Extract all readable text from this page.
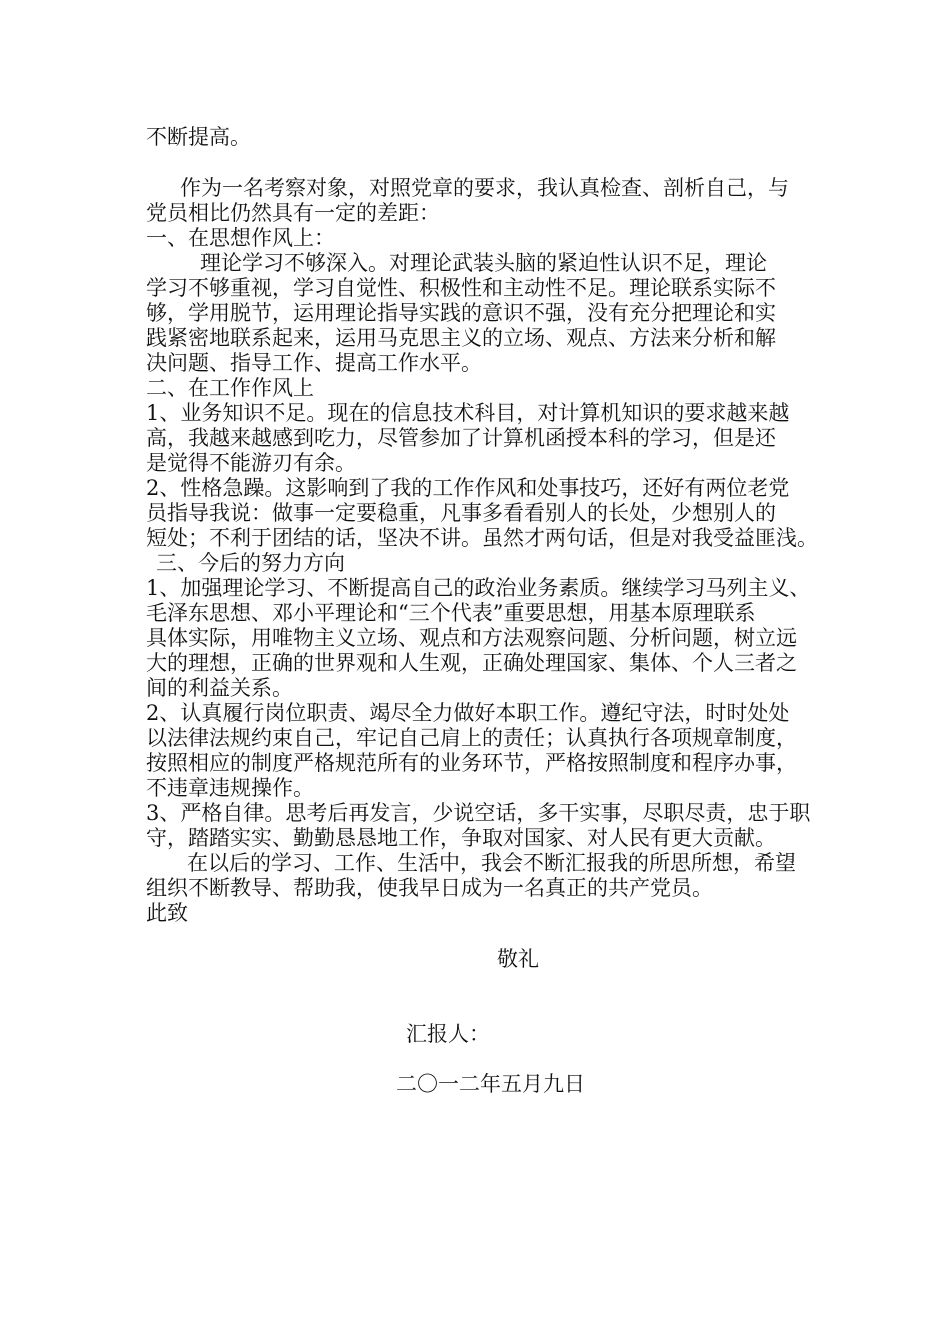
不断提高。
作为一名考察对象，对照党章的要求，我认真检查、剖析自己，与
党员相比仍然具有一定的差距：
一、在思想作风上：
理论学习不够深入。对理论武装头脑的紧迫性认识不足，理论
学习不够重视，学习自觉性、积极性和主动性不足。理论联系实际不
够，学用脱节，运用理论指导实践的意识不强，没有充分把理论和实
践紧密地联系起来，运用马克思主义的立场、观点、方法来分析和解
决问题、指导工作、提高工作水平。
二、在工作作风上
1、业务知识不足。现在的信息技术科目，对计算机知识的要求越来越
高，我越来越感到吃力，尽管参加了计算机函授本科的学习，但是还
是觉得不能游刃有余。
2、性格急躁。这影响到了我的工作作风和处事技巧，还好有两位老党
员指导我说：做事一定要稳重，凡事多看看别人的长处，少想别人的
短处；不利于团结的话，坚决不讲。虽然才两句话，但是对我受益匪浅。
三、今后的努力方向
1、加强理论学习、不断提高自己的政治业务素质。继续学习马列主义、
毛泽东思想、邓小平理论和“三个代表”重要思想，用基本原理联系
具体实际，用唯物主义立场、观点和方法观察问题、分析问题，树立远
大的理想，正确的世界观和人生观，正确处理国家、集体、个人三者之
间的利益关系。
2、认真履行岗位职责、竭尽全力做好本职工作。遵纪守法，时时处处
以法律法规约束自己，牢记自己肩上的责任；认真执行各项规章制度，
按照相应的制度严格规范所有的业务环节，严格按照制度和程序办事，
不违章违规操作。
3、严格自律。思考后再发言，少说空话，多干实事，尽职尽责，忠于职
守，踏踏实实、勤勤恳恳地工作，争取对国家、对人民有更大贡献。
在以后的学习、工作、生活中，我会不断汇报我的所思所想，希望
组织不断教导、帮助我，使我早日成为一名真正的共产党员。
此致
敬礼
汇报人：
二〇一二年五月九日
